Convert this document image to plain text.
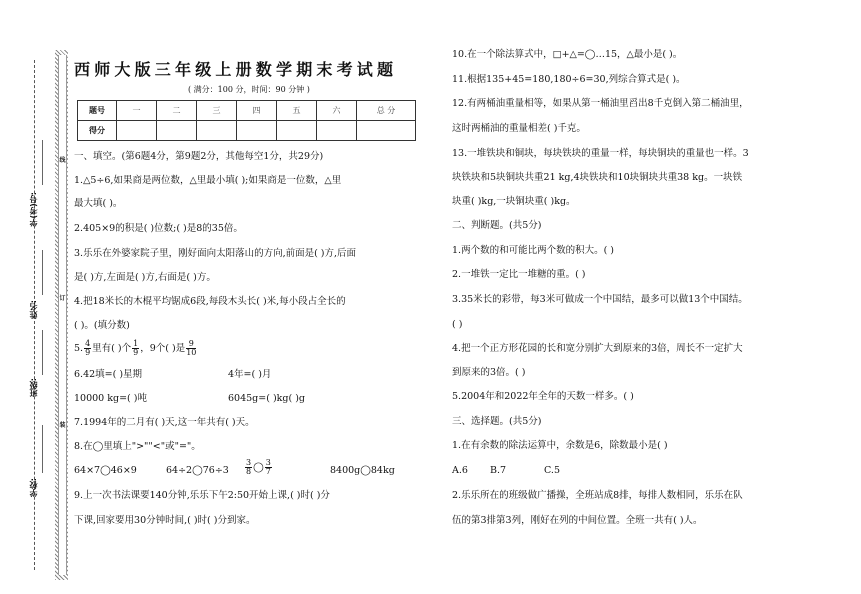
线
订
装
学(考)号:
姓名:
班级:
学校:
西师大版三年级上册数学期末考试题
( 满分：100 分，时间：90 分钟 )
题号	一	二	三	四	五	六	总 分
得分							
一、填空。(第6题4分，第9题2分，其他每空1分，共29分)
1.△5÷6,如果商是两位数，△里最小填( );如果商是一位数，△里
最大填( )。
2.405×9的积是( )位数;( )是8的35倍。
3.乐乐在外婆家院子里，刚好面向太阳落山的方向,前面是( )方,后面
是( )方,左面是( )方,右面是( )方。
4.把18米长的木棍平均锯成6段,每段木头长( )米,每小段占全长的
( )。(填分数)
5. $\frac{4}{9}$ 里有( )个 $\frac{1}{9}$ ，9个( )是 $\frac{9}{10}$
6.42填=( )星期	4年=( )月
10000 kg=( )吨	6045g=( )kg( )g
7.1994年的二月有( )天,这一年共有( )天。
8.在◯里填上">""<"或"="。
64×7◯46×9	64÷2◯76÷3 $\frac{3}{8}$ ◯ $\frac{3}{7}$	8400g◯84kg
9.上一次书法课要140分钟,乐乐下午2:50开始上课,( )时( )分
下课,回家要用30分钟时间,( )时( )分到家。
10.在一个除法算式中，□+△=◯…15，△最小是( )。
11.根据135+45=180,180÷6=30,列综合算式是( )。
12.有两桶油重量相等，如果从第一桶油里舀出8千克倒入第二桶油里，
这时两桶油的重量相差( )千克。
13.一堆铁块和铜块，每块铁块的重量一样，每块铜块的重量也一样。3
块铁块和5块铜块共重21 kg,4块铁块和10块铜块共重38 kg。一块铁
块重( )kg,一块铜块重( )kg。
二、判断题。(共5分)
1.两个数的和可能比两个数的积大。( )
2.一堆铁一定比一堆糖的重。( )
3.35米长的彩带，每3米可做成一个中国结，最多可以做13个中国结。
( )
4.把一个正方形花园的长和宽分别扩大到原来的3倍，周长不一定扩大
到原来的3倍。( )
5.2004年和2022年全年的天数一样多。( )
三、选择题。(共5分)
1.在有余数的除法运算中，余数是6，除数最小是( )
A.6 B.7	C.5
2.乐乐所在的班级做广播操，全班站成8排，每排人数相同，乐乐在队
伍的第3排第3列，刚好在列的中间位置。全班一共有( )人。
